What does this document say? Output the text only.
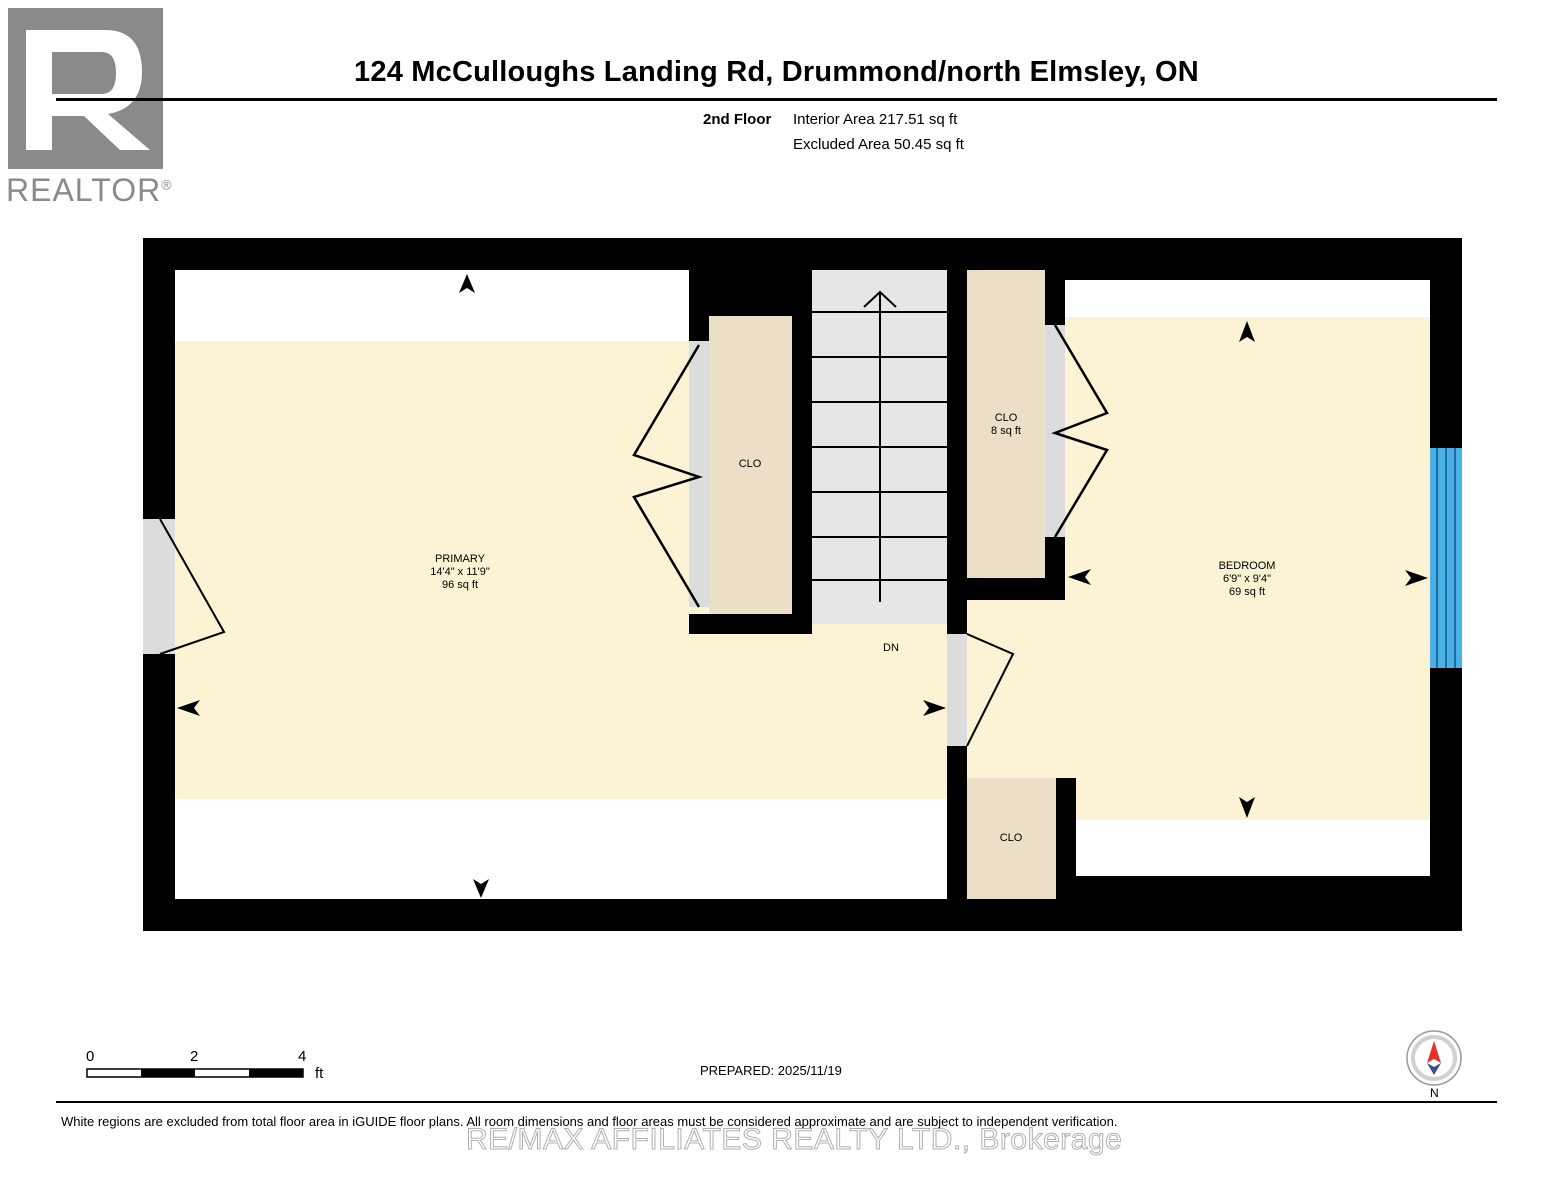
REALTOR®
124 McCulloughs Landing Rd, Drummond/north Elmsley, ON
2nd Floor Interior Area 217.51 sq ft
Excluded Area 50.45 sq ft
PRIMARY
14'4" x 11'9"
96 sq ft
BEDROOM
6'9" x 9'4"
69 sq ft
CLO
CLO
8 sq ft
CLO
DN
0	2	4
ft	PREPARED: 2025/11/19
N
White regions are excluded from total floor area in iGUIDE floor plans. All room dimensions and floor areas must be considered approximate and are subject to independent verification.
RE/MAX AFFILIATES REALTY LTD., Brokerage
